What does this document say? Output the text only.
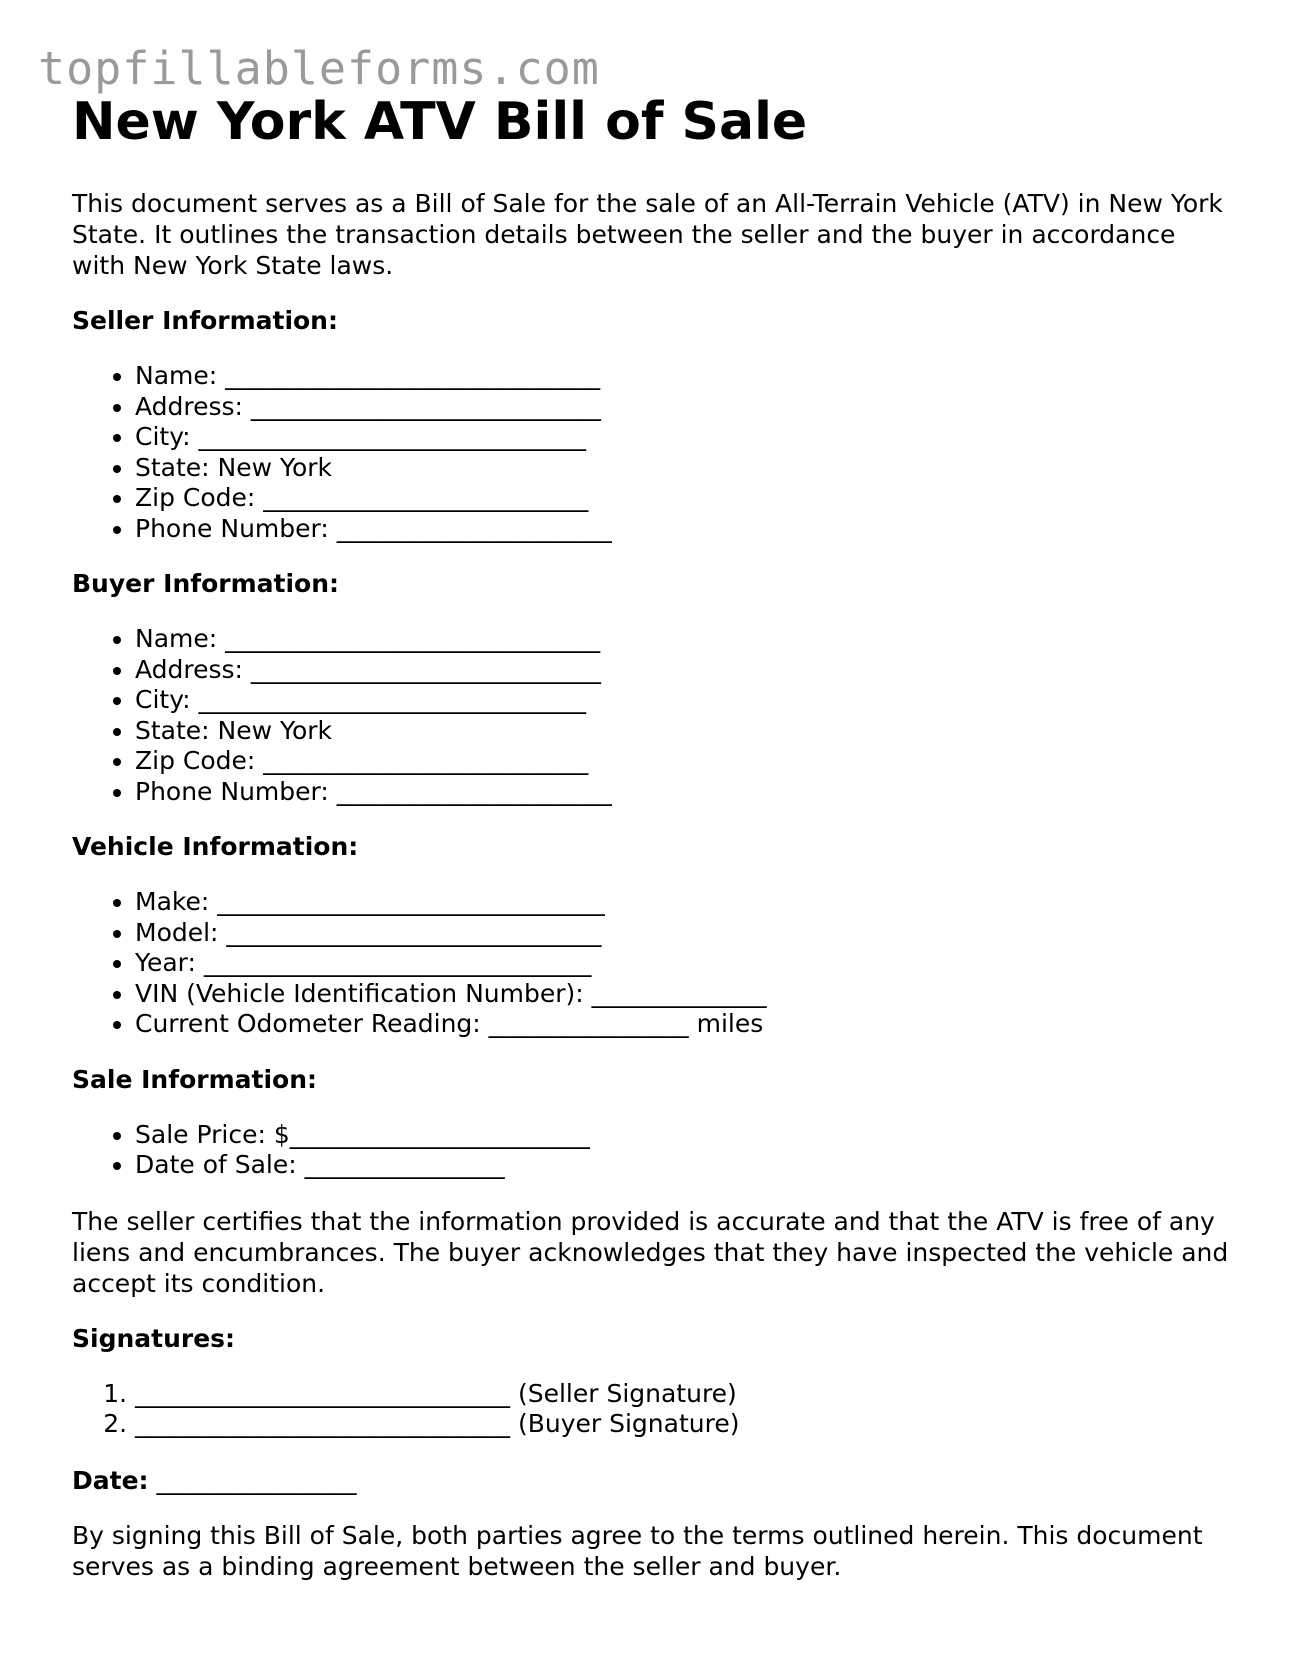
topfillableforms.com
New York ATV Bill of Sale

This document serves as a Bill of Sale for the sale of an All-Terrain Vehicle (ATV) in New York State. It outlines the transaction details between the seller and the buyer in accordance with New York State laws.

Seller Information:

• Name: ______________________________
• Address: ____________________________
• City: _______________________________
• State: New York
• Zip Code: __________________________
• Phone Number: ______________________

Buyer Information:

• Name: ______________________________
• Address: ____________________________
• City: _______________________________
• State: New York
• Zip Code: __________________________
• Phone Number: ______________________

Vehicle Information:

• Make: _______________________________
• Model: ______________________________
• Year: _______________________________
• VIN (Vehicle Identification Number): ______________
• Current Odometer Reading: ________________ miles

Sale Information:

• Sale Price: $________________________
• Date of Sale: ________________

The seller certifies that the information provided is accurate and that the ATV is free of any liens and encumbrances. The buyer acknowledges that they have inspected the vehicle and accept its condition.

Signatures:

1. ______________________________ (Seller Signature)
2. ______________________________ (Buyer Signature)
Date: ________________

By signing this Bill of Sale, both parties agree to the terms outlined herein. This document serves as a binding agreement between the seller and buyer.
